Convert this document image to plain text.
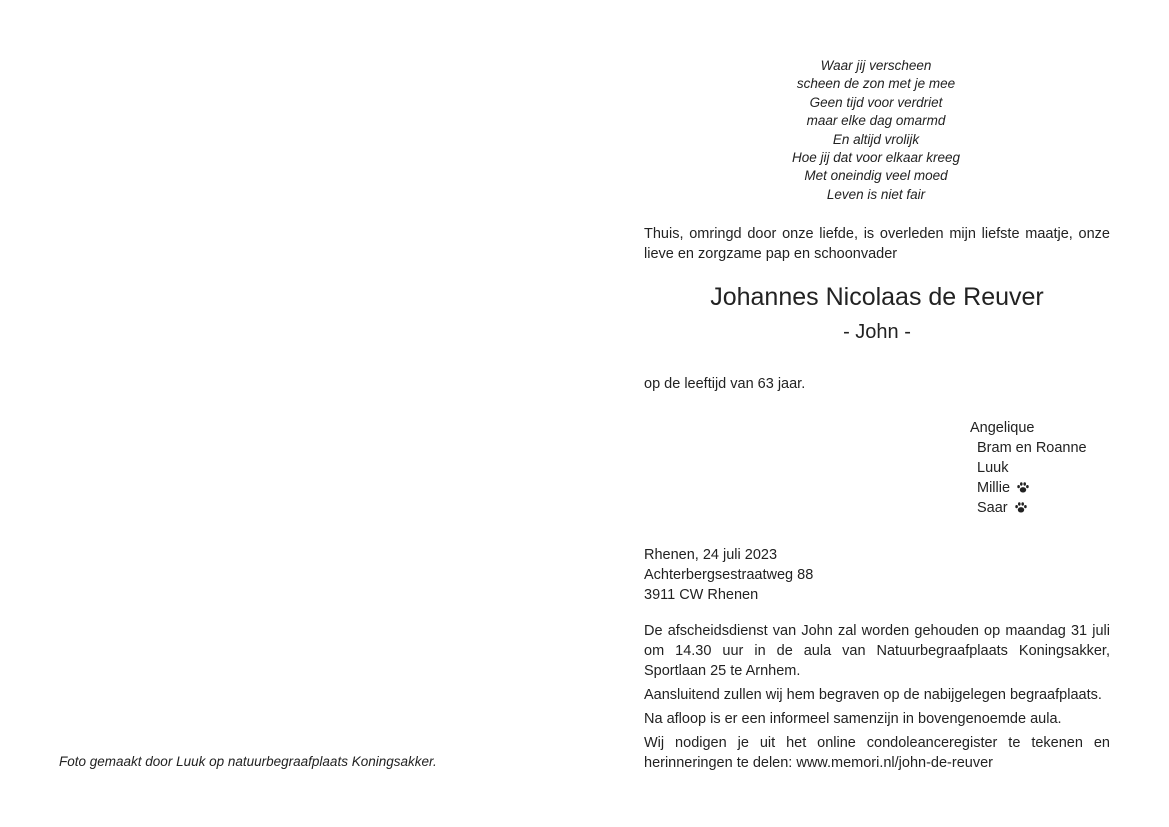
Foto gemaakt door Luuk op natuurbegraafplaats Koningsakker.
Waar jij verscheen
scheen de zon met je mee
Geen tijd voor verdriet
maar elke dag omarmd
En altijd vrolijk
Hoe jij dat voor elkaar kreeg
Met oneindig veel moed
Leven is niet fair
Thuis, omringd door onze liefde, is overleden mijn liefste maatje, onze lieve en zorgzame pap en schoonvader
Johannes Nicolaas de Reuver
- John -
op de leeftijd van 63 jaar.
Angelique
Bram en Roanne
Luuk
Millie
Saar
Rhenen, 24 juli 2023
Achterbergsestraatweg 88
3911 CW Rhenen

De afscheidsdienst van John zal worden gehouden op maandag 31 juli om 14.30 uur in de aula van Natuurbegraafplaats Koningsakker, Sportlaan 25 te Arnhem.

Aansluitend zullen wij hem begraven op de nabijgelegen begraafplaats.

Na afloop is er een informeel samenzijn in bovengenoemde aula.

Wij nodigen je uit het online condoleanceregister te tekenen en herinneringen te delen: www.memori.nl/john-de-reuver
